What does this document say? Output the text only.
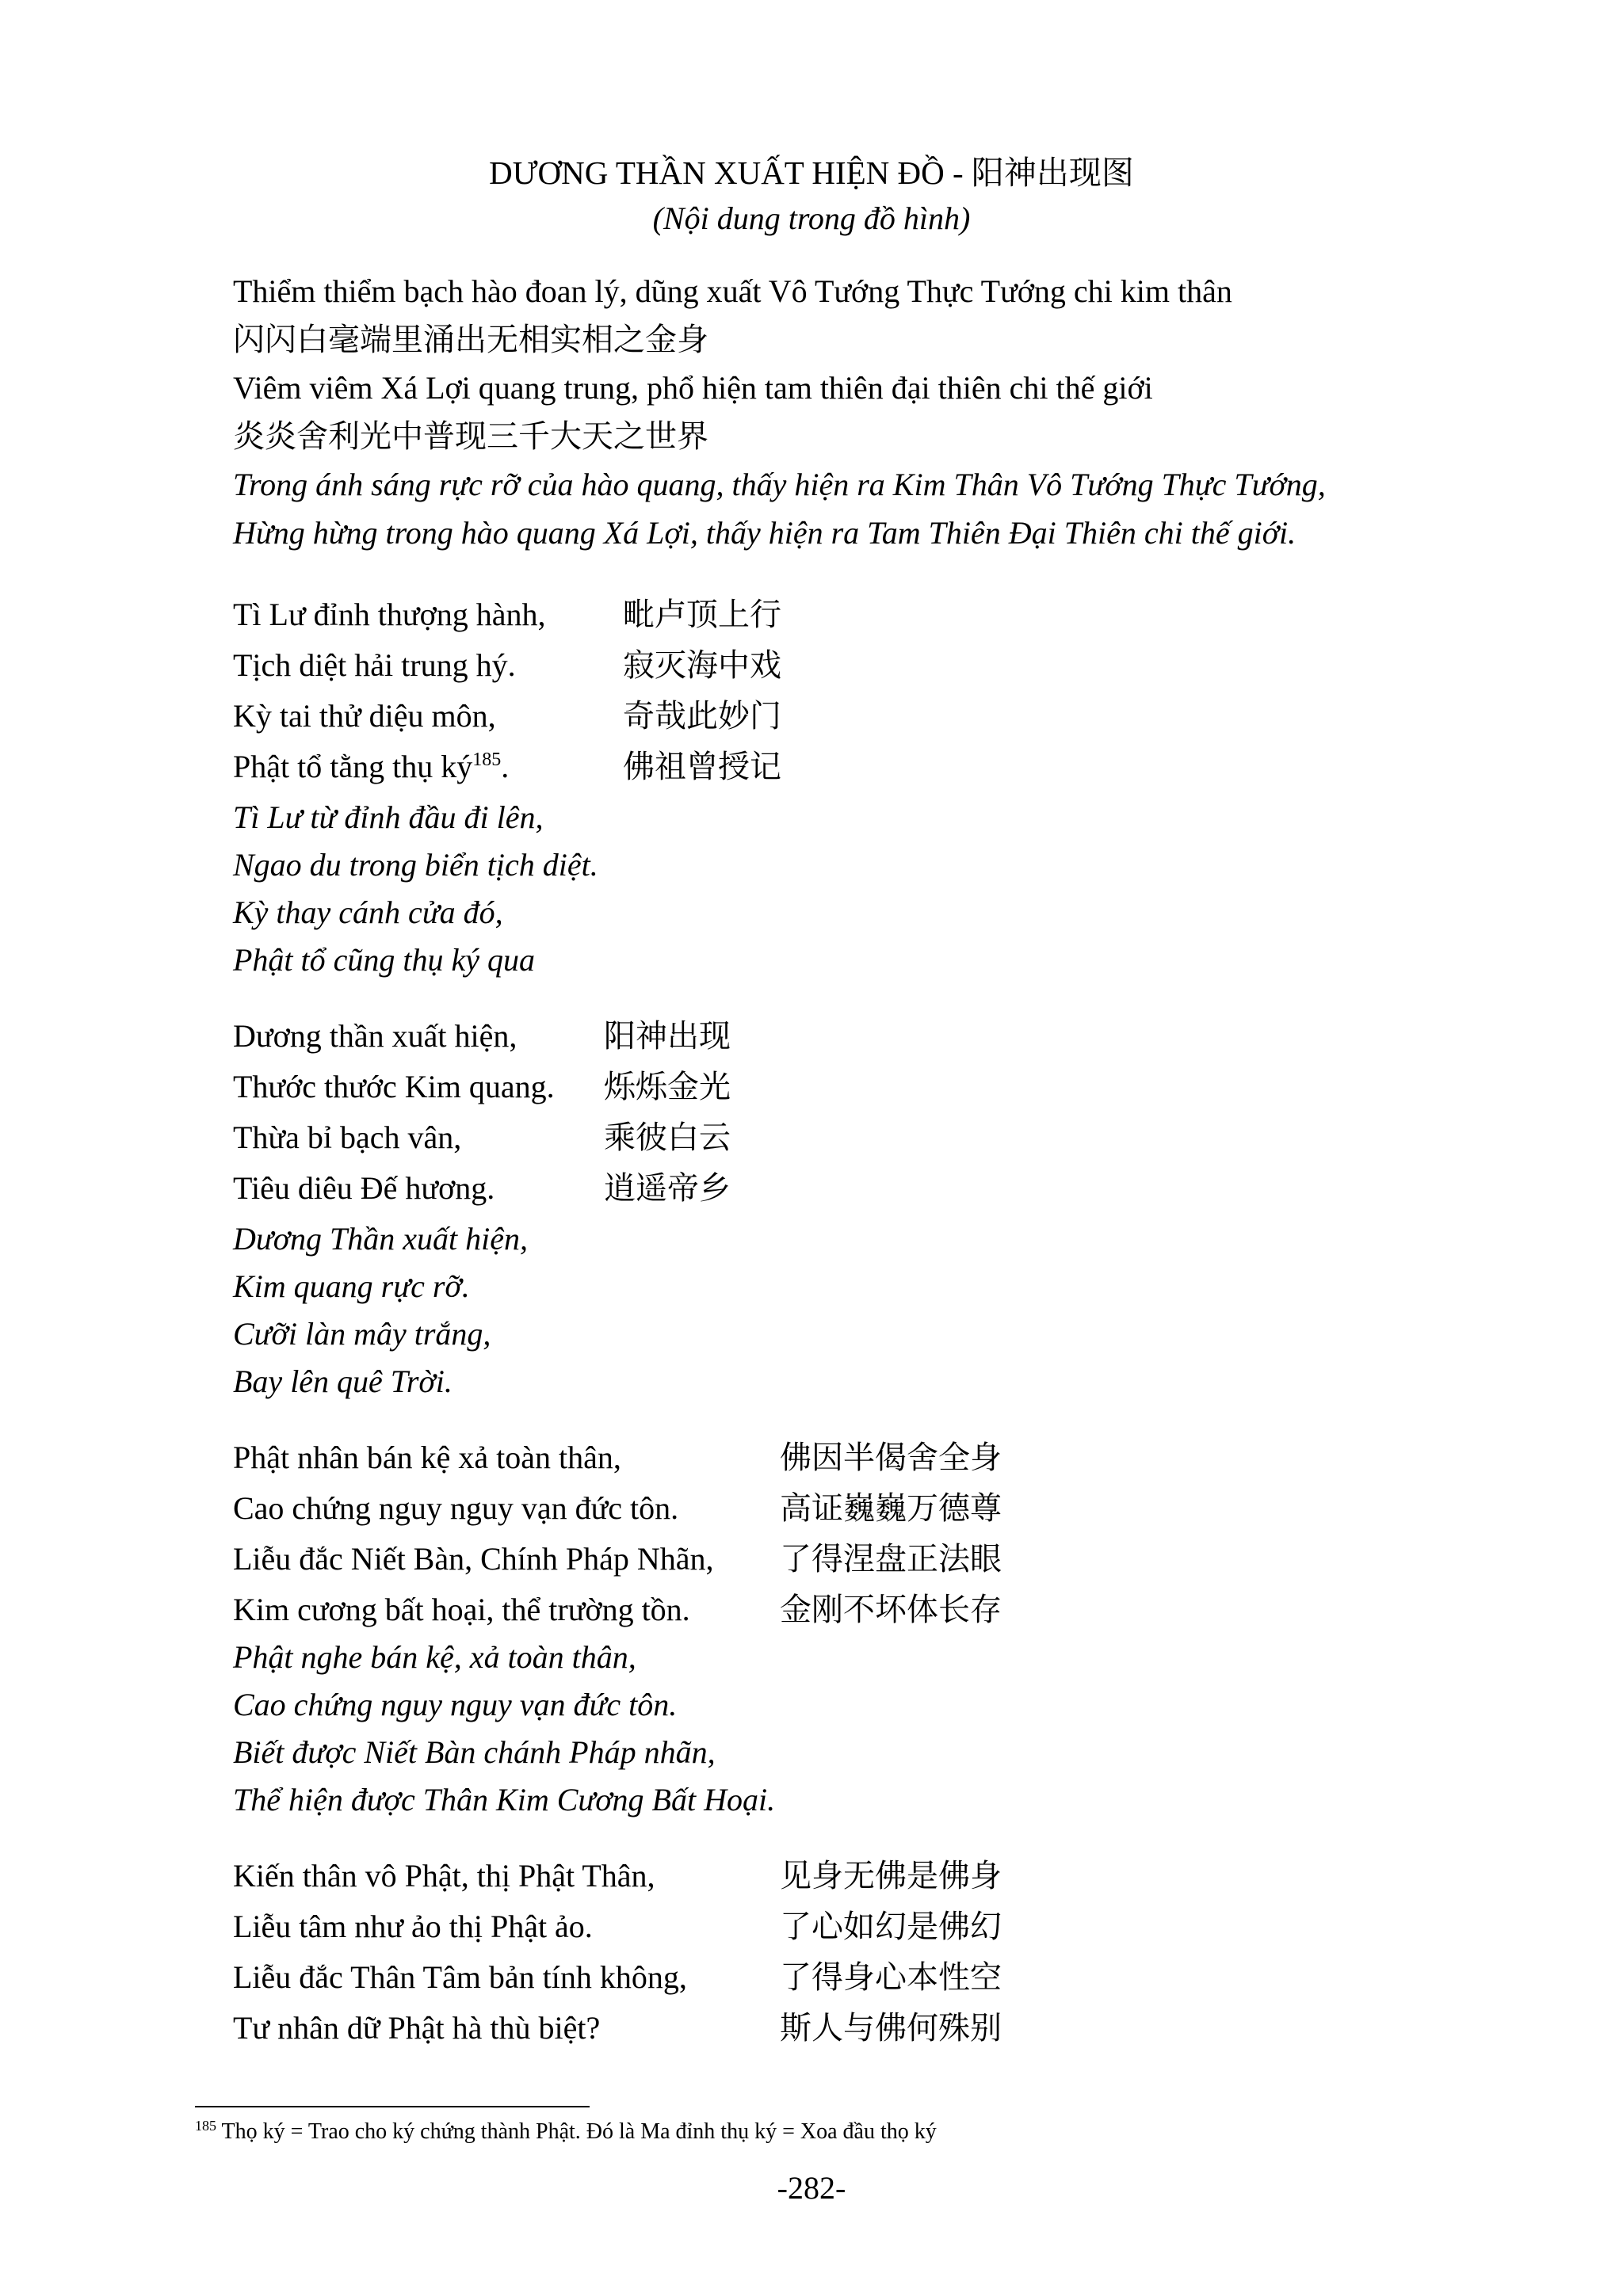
DƯƠNG THẦN XUẤT HIỆN ĐỒ - 阳神出现图
(Nội dung trong đồ hình)
Thiểm thiểm bạch hào đoan lý, dũng xuất Vô Tướng Thực Tướng chi kim thân
闪闪白毫端里涌出无相实相之金身
Viêm viêm Xá Lợi quang trung, phổ hiện tam thiên đại thiên chi thế giới
炎炎舍利光中普现三千大天之世界
Trong ánh sáng rực rỡ của hào quang, thấy hiện ra Kim Thân Vô Tướng Thực Tướng,
Hừng hừng trong hào quang Xá Lợi, thấy hiện ra Tam Thiên Đại Thiên chi thế giới.
Tì Lư đỉnh thượng hành,
Tịch diệt hải trung hý.
Kỳ tai thử diệu môn,
Phật tổ tằng thụ $ký^{185}$.
毗卢顶上行
寂灭海中戏
奇哉此妙门
佛祖曾授记
Tì Lư từ đỉnh đầu đi lên,
Ngao du trong biển tịch diệt.
Kỳ thay cánh cửa đó,
Phật tổ cũng thụ ký qua
Dương thần xuất hiện,
Thước thước Kim quang.
Thừa bỉ bạch vân,
Tiêu diêu Đế hương.
阳神出现
烁烁金光
乘彼白云
逍遥帝乡
Dương Thần xuất hiện,
Kim quang rực rỡ.
Cưỡi làn mây trắng,
Bay lên quê Trời.
Phật nhân bán kệ xả toàn thân,
Cao chứng nguy nguy vạn đức tôn.
Liễu đắc Niết Bàn, Chính Pháp Nhãn,
Kim cương bất hoại, thể trường tồn.
佛因半偈舍全身
高证巍巍万德尊
了得涅盘正法眼
金刚不坏体长存
Phật nghe bán kệ, xả toàn thân,
Cao chứng nguy nguy vạn đức tôn.
Biết được Niết Bàn chánh Pháp nhãn,
Thể hiện được Thân Kim Cương Bất Hoại.
Kiến thân vô Phật, thị Phật Thân,
Liễu tâm như ảo thị Phật ảo.
Liễu đắc Thân Tâm bản tính không,
Tư nhân dữ Phật hà thù biệt?
见身无佛是佛身
了心如幻是佛幻
了得身心本性空
斯人与佛何殊别
$^{185}$ Thọ ký = Trao cho ký chứng thành Phật. Đó là Ma đỉnh thụ ký = Xoa đầu thọ ký
-282-
